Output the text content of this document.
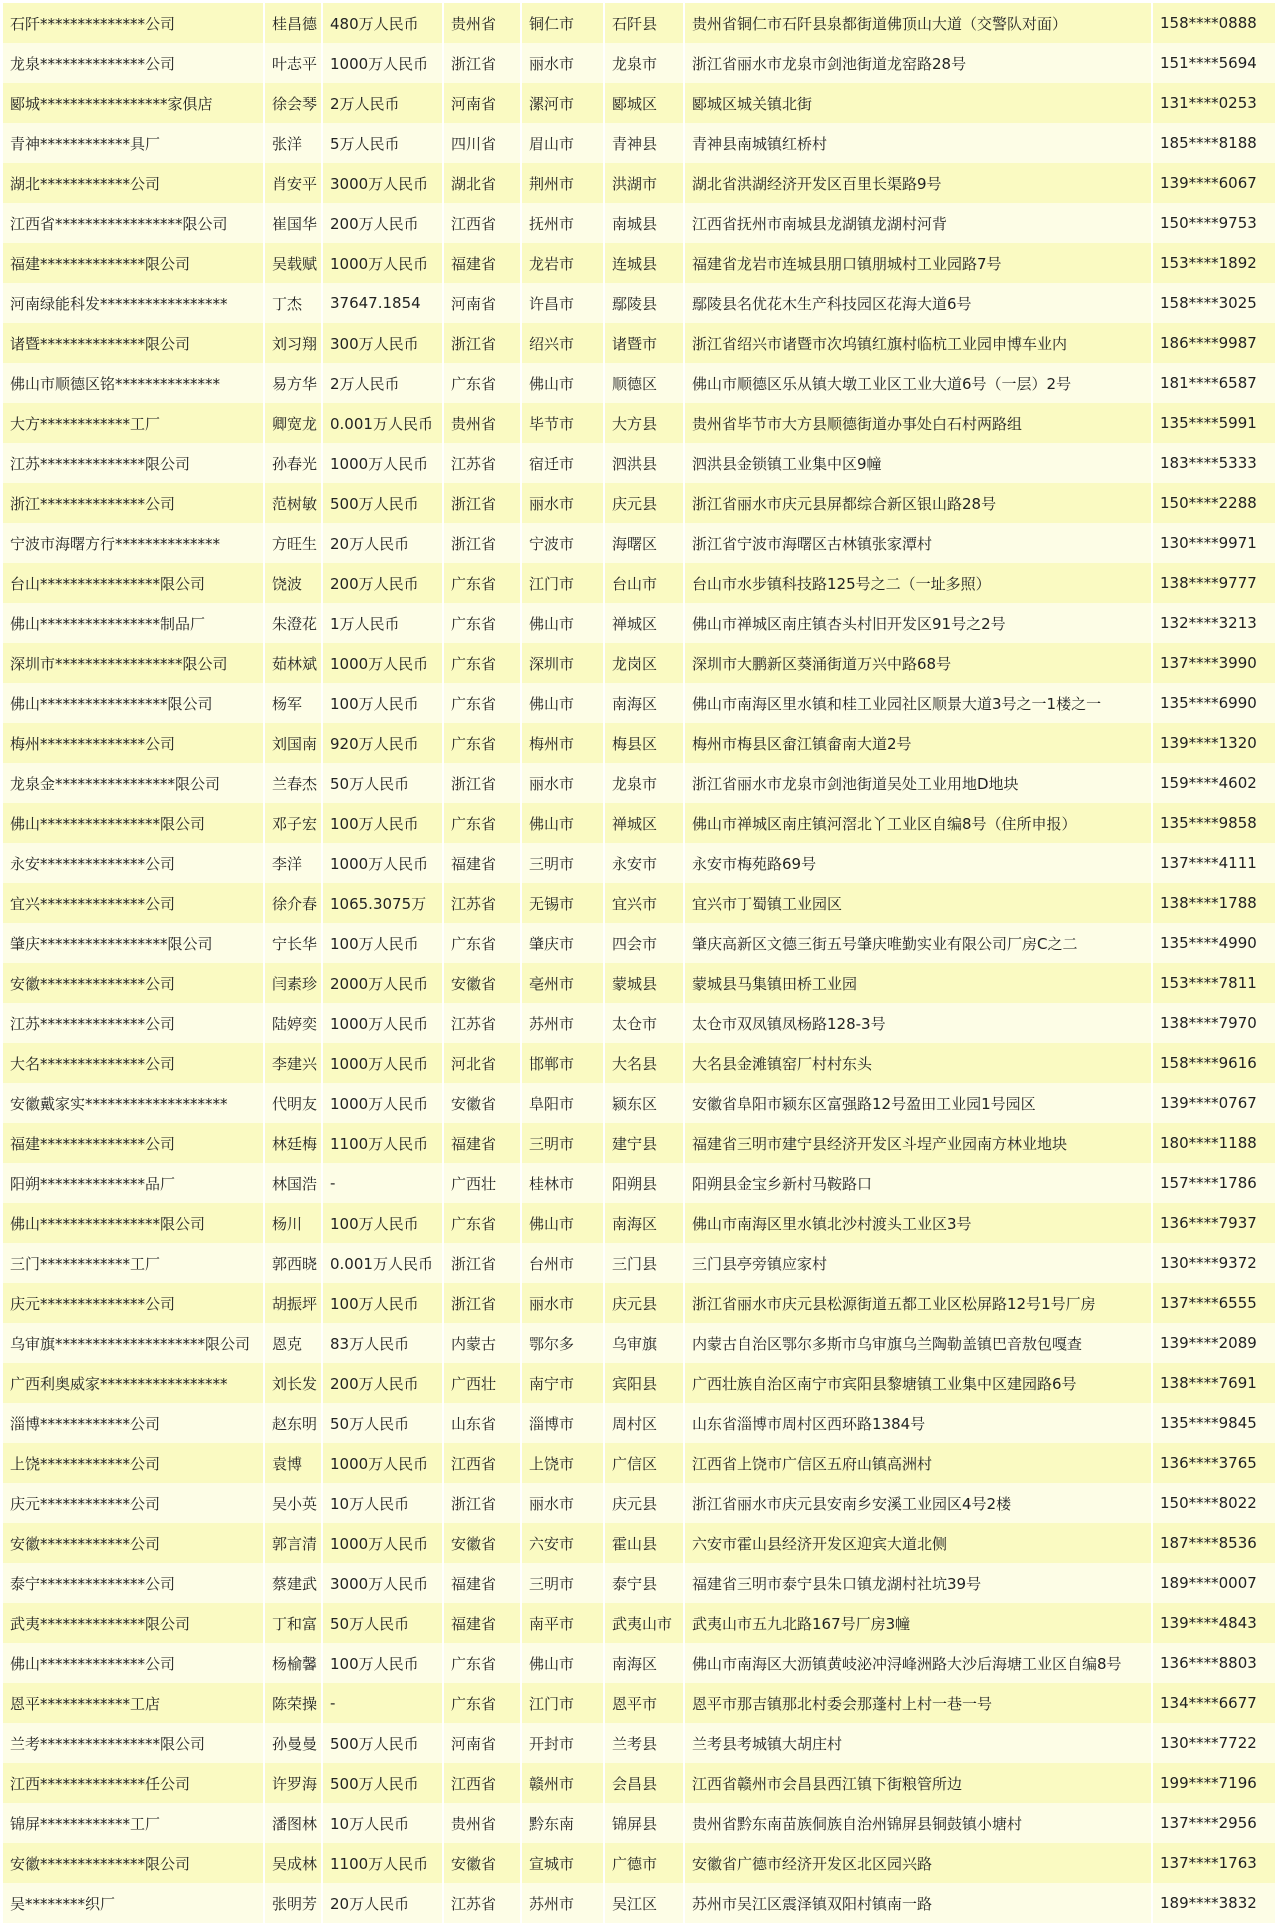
石阡**************公司	桂昌德 480万人民币	贵州省	铜仁市	石阡县	贵州省铜仁市石阡县泉都街道佛顶山大道（交警队对面）	158****0888
龙泉**************公司	叶志平 1000万人民币	浙江省	丽水市	龙泉市	浙江省丽水市龙泉市剑池街道龙窑路28号	151****5694
郾城*****************家俱店	徐会琴 2万人民币	河南省	漯河市	郾城区	郾城区城关镇北街	131****0253
青神************具厂	张洋	5万人民币	四川省	眉山市	青神县	青神县南城镇红桥村	185****8188
湖北************公司	肖安平 3000万人民币	湖北省	荆州市	洪湖市	湖北省洪湖经济开发区百里长渠路9号	139****6067
江西省*****************限公司	崔国华 200万人民币	江西省	抚州市	南城县	江西省抚州市南城县龙湖镇龙湖村河背	150****9753
福建**************限公司	吴载赋 1000万人民币	福建省	龙岩市	连城县	福建省龙岩市连城县朋口镇朋城村工业园路7号	153****1892
河南绿能科发*****************	丁杰	37647.1854	河南省	许昌市	鄢陵县	鄢陵县名优花木生产科技园区花海大道6号	158****3025
诸暨**************限公司	刘习翔 300万人民币	浙江省	绍兴市	诸暨市	浙江省绍兴市诸暨市次坞镇红旗村临杭工业园申博车业内	186****9987
佛山市顺德区铭**************	易方华 2万人民币	广东省	佛山市	顺德区	佛山市顺德区乐从镇大墩工业区工业大道6号（一层）2号	181****6587
大方************工厂	卿宽龙 0.001万人民币	贵州省	毕节市	大方县	贵州省毕节市大方县顺德街道办事处白石村两路组	135****5991
江苏**************限公司	孙春光 1000万人民币	江苏省	宿迁市	泗洪县	泗洪县金锁镇工业集中区9幢	183****5333
浙江**************公司	范树敏 500万人民币	浙江省	丽水市	庆元县	浙江省丽水市庆元县屏都综合新区银山路28号	150****2288
宁波市海曙方行**************	方旺生 20万人民币	浙江省	宁波市	海曙区	浙江省宁波市海曙区古林镇张家潭村	130****9971
台山****************限公司	饶波	200万人民币	广东省	江门市	台山市	台山市水步镇科技路125号之二（一址多照）	138****9777
佛山****************制品厂	朱澄花 1万人民币	广东省	佛山市	禅城区	佛山市禅城区南庄镇杏头村旧开发区91号之2号	132****3213
深圳市*****************限公司	茹林斌 1000万人民币	广东省	深圳市	龙岗区	深圳市大鹏新区葵涌街道万兴中路68号	137****3990
佛山*****************限公司	杨军	100万人民币	广东省	佛山市	南海区	佛山市南海区里水镇和桂工业园社区顺景大道3号之一1楼之一	135****6990
梅州**************公司	刘国南 920万人民币	广东省	梅州市	梅县区	梅州市梅县区畲江镇畲南大道2号	139****1320
龙泉金****************限公司	兰春杰 50万人民币	浙江省	丽水市	龙泉市	浙江省丽水市龙泉市剑池街道吴处工业用地D地块	159****4602
佛山****************限公司	邓子宏 100万人民币	广东省	佛山市	禅城区	佛山市禅城区南庄镇河滘北丫工业区自编8号（住所申报）	135****9858
永安**************公司	李洋	1000万人民币	福建省	三明市	永安市	永安市梅苑路69号	137****4111
宜兴**************公司	徐介春 1065.3075万	江苏省	无锡市	宜兴市	宜兴市丁蜀镇工业园区	138****1788
肇庆*****************限公司	宁长华 100万人民币	广东省	肇庆市	四会市	肇庆高新区文德三街五号肇庆唯勤实业有限公司厂房C之二	135****4990
安徽**************公司	闫素珍 2000万人民币	安徽省	亳州市	蒙城县	蒙城县马集镇田桥工业园	153****7811
江苏**************公司	陆婷奕 1000万人民币	江苏省	苏州市	太仓市	太仓市双凤镇凤杨路128-3号	138****7970
大名**************公司	李建兴 1000万人民币	河北省	邯郸市	大名县	大名县金滩镇窑厂村村东头	158****9616
安徽戴家实*******************	代明友 1000万人民币	安徽省	阜阳市	颍东区	安徽省阜阳市颍东区富强路12号盈田工业园1号园区	139****0767
福建**************公司	林廷梅 1100万人民币	福建省	三明市	建宁县	福建省三明市建宁县经济开发区斗埕产业园南方林业地块	180****1188
阳朔**************品厂	林国浩 -	广西壮	桂林市	阳朔县	阳朔县金宝乡新村马鞍路口	157****1786
佛山****************限公司	杨川	100万人民币	广东省	佛山市	南海区	佛山市南海区里水镇北沙村渡头工业区3号	136****7937
三门************工厂	郭西晓 0.001万人民币	浙江省	台州市	三门县	三门县亭旁镇应家村	130****9372
庆元**************公司	胡振坪 100万人民币	浙江省	丽水市	庆元县	浙江省丽水市庆元县松源街道五都工业区松屏路12号1号厂房	137****6555
乌审旗********************限公司	恩克	83万人民币	内蒙古	鄂尔多	乌审旗	内蒙古自治区鄂尔多斯市乌审旗乌兰陶勒盖镇巴音敖包嘎查	139****2089
广西利奥威家*****************	刘长发 200万人民币	广西壮	南宁市	宾阳县	广西壮族自治区南宁市宾阳县黎塘镇工业集中区建园路6号	138****7691
淄博************公司	赵东明 50万人民币	山东省	淄博市	周村区	山东省淄博市周村区西环路1384号	135****9845
上饶************公司	袁博	1000万人民币	江西省	上饶市	广信区	江西省上饶市广信区五府山镇高洲村	136****3765
庆元************公司	吴小英 10万人民币	浙江省	丽水市	庆元县	浙江省丽水市庆元县安南乡安溪工业园区4号2楼	150****8022
安徽************公司	郭言清 1000万人民币	安徽省	六安市	霍山县	六安市霍山县经济开发区迎宾大道北侧	187****8536
泰宁**************公司	蔡建武 3000万人民币	福建省	三明市	泰宁县	福建省三明市泰宁县朱口镇龙湖村社坑39号	189****0007
武夷**************限公司	丁和富 50万人民币	福建省	南平市	武夷山市	武夷山市五九北路167号厂房3幢	139****4843
佛山**************公司	杨榆馨 100万人民币	广东省	佛山市	南海区	佛山市南海区大沥镇黄岐泌冲浔峰洲路大沙后海塘工业区自编8号	136****8803
恩平************工店	陈荣操 -	广东省	江门市	恩平市	恩平市那吉镇那北村委会那蓬村上村一巷一号	134****6677
兰考****************限公司	孙曼曼 500万人民币	河南省	开封市	兰考县	兰考县考城镇大胡庄村	130****7722
江西**************任公司	许罗海 500万人民币	江西省	赣州市	会昌县	江西省赣州市会昌县西江镇下街粮管所边	199****7196
锦屏************工厂	潘图林 10万人民币	贵州省	黔东南	锦屏县	贵州省黔东南苗族侗族自治州锦屏县铜鼓镇小塘村	137****2956
安徽**************限公司	吴成林 1100万人民币	安徽省	宣城市	广德市	安徽省广德市经济开发区北区园兴路	137****1763
吴********织厂	张明芳 20万人民币	江苏省	苏州市	吴江区	苏州市吴江区震泽镇双阳村镇南一路	189****3832
